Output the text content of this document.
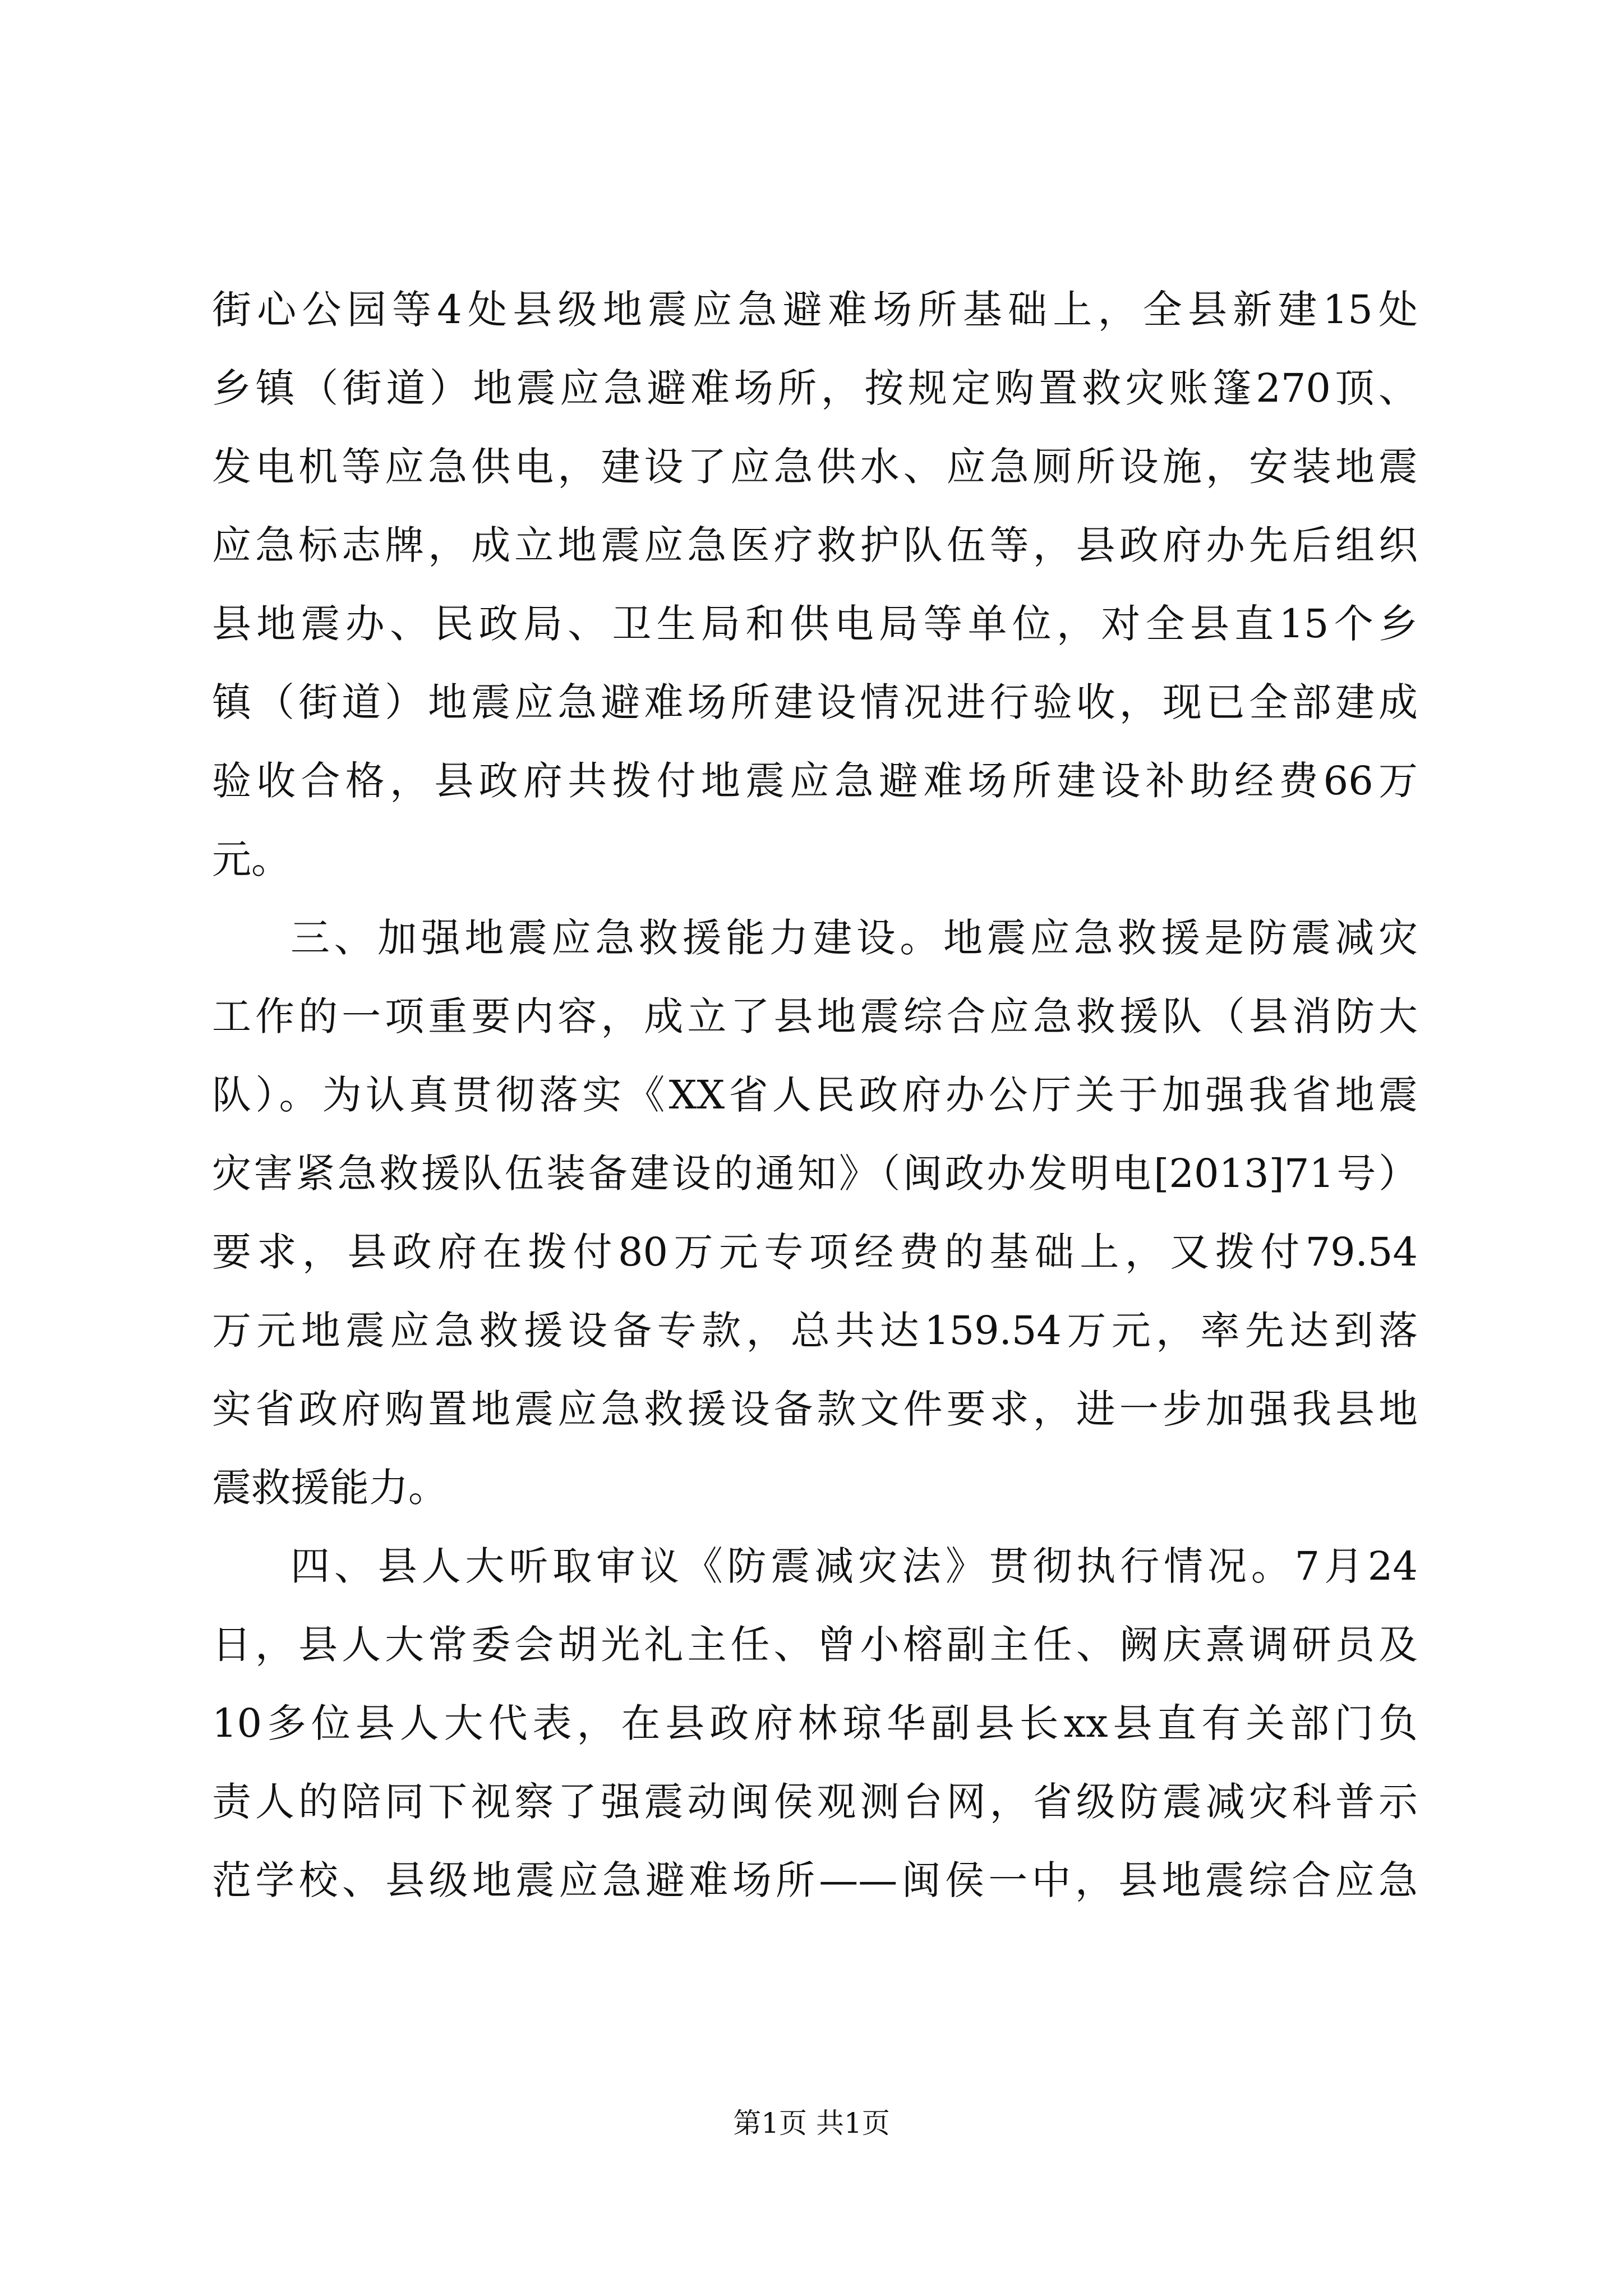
街心公园等4处县级地震应急避难场所基础上，全县新建15处
乡镇（街道）地震应急避难场所，按规定购置救灾账篷270顶、
发电机等应急供电，建设了应急供水、应急厕所设施，安装地震
应急标志牌，成立地震应急医疗救护队伍等，县政府办先后组织
县地震办、民政局、卫生局和供电局等单位，对全县直15个乡
镇（街道）地震应急避难场所建设情况进行验收，现已全部建成
验收合格，县政府共拨付地震应急避难场所建设补助经费66万
元。
三、加强地震应急救援能力建设。地震应急救援是防震减灾
工作的一项重要内容，成立了县地震综合应急救援队（县消防大
队）。为认真贯彻落实《XX省人民政府办公厅关于加强我省地震
灾害紧急救援队伍装备建设的通知》（闽政办发明电[2013]71号）
要求，县政府在拨付80万元专项经费的基础上，又拨付79.54
万元地震应急救援设备专款，总共达159.54万元，率先达到落
实省政府购置地震应急救援设备款文件要求，进一步加强我县地
震救援能力。
四、县人大听取审议《防震减灾法》贯彻执行情况。7月24
日，县人大常委会胡光礼主任、曾小榕副主任、阙庆熹调研员及
10多位县人大代表，在县政府林琼华副县长xx县直有关部门负
责人的陪同下视察了强震动闽侯观测台网，省级防震减灾科普示
范学校、县级地震应急避难场所——闽侯一中，县地震综合应急
第1页 共1页
